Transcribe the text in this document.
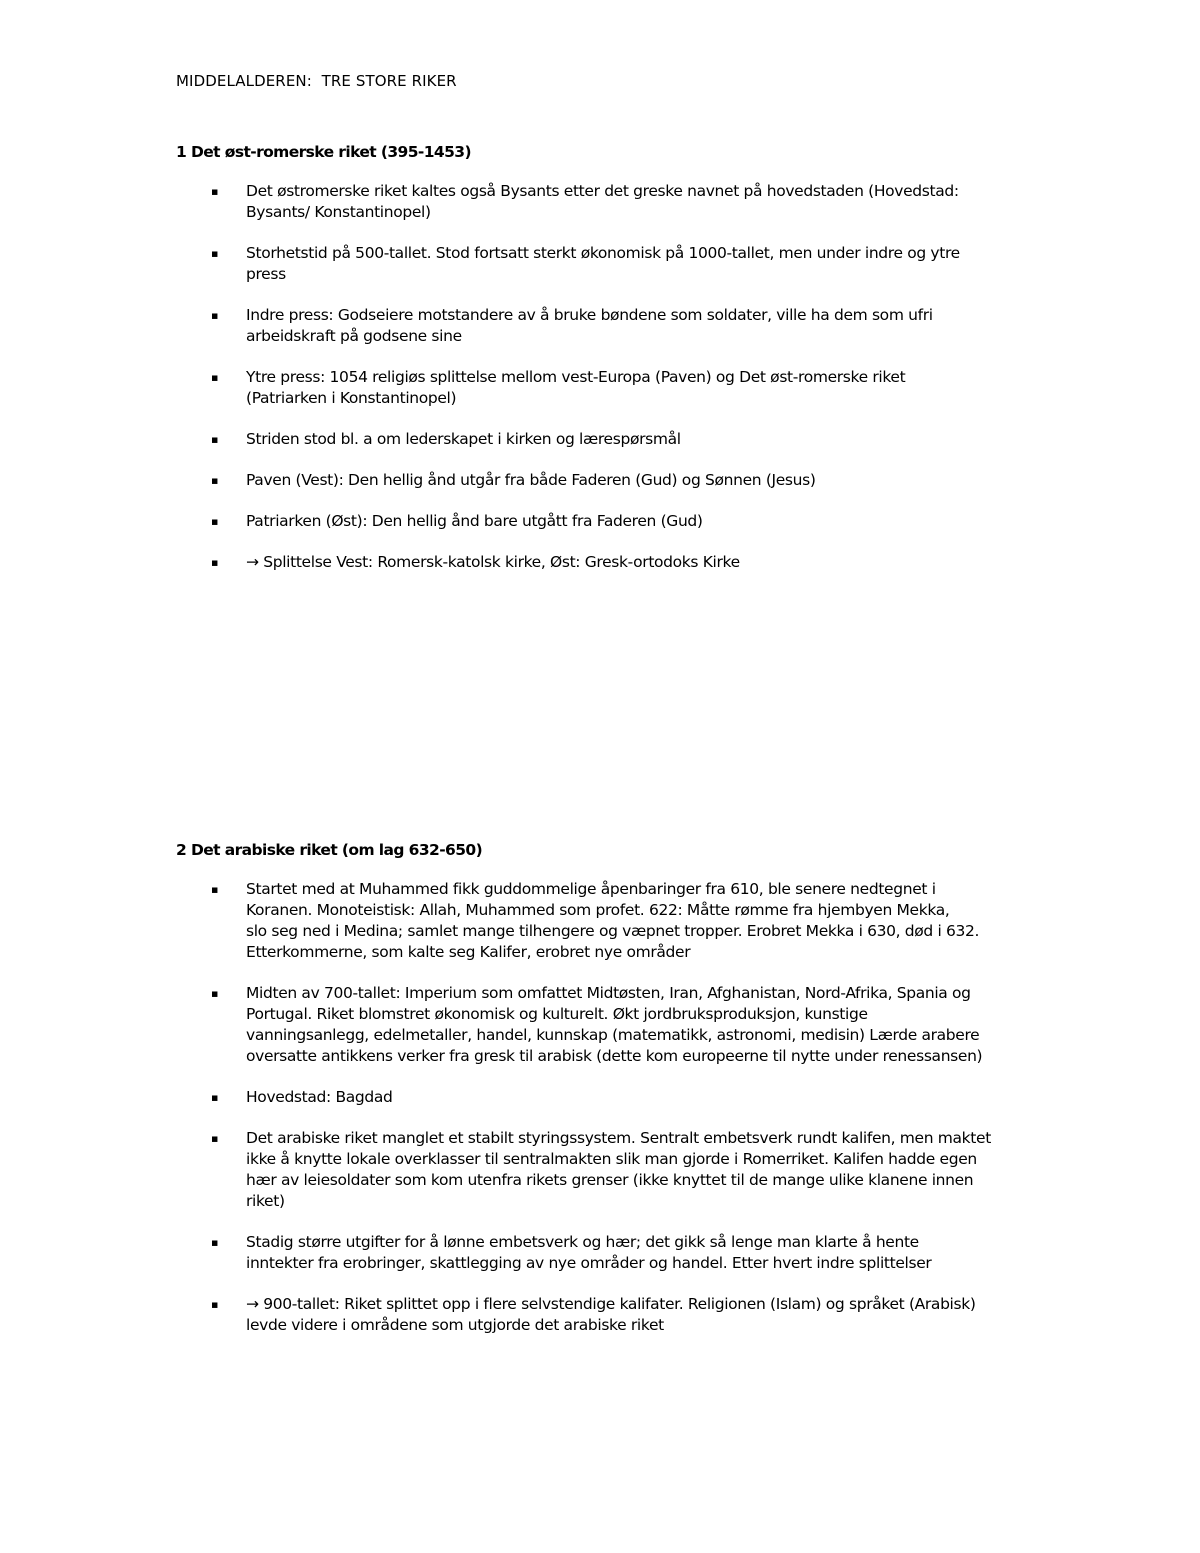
MIDDELALDEREN:  TRE STORE RIKER
1 Det øst-romerske riket (395-1453)
▪ Det østromerske riket kaltes også Bysants etter det greske navnet på hovedstaden (Hovedstad:
Bysants/ Konstantinopel)
▪ Storhetstid på 500-tallet. Stod fortsatt sterkt økonomisk på 1000-tallet, men under indre og ytre
press
▪ Indre press: Godseiere motstandere av å bruke bøndene som soldater, ville ha dem som ufri
arbeidskraft på godsene sine
▪ Ytre press: 1054 religiøs splittelse mellom vest-Europa (Paven) og Det øst-romerske riket
(Patriarken i Konstantinopel)
▪ Striden stod bl. a om lederskapet i kirken og lærespørsmål
▪ Paven (Vest): Den hellig ånd utgår fra både Faderen (Gud) og Sønnen (Jesus)
▪ Patriarken (Øst): Den hellig ånd bare utgått fra Faderen (Gud)
▪ → Splittelse Vest: Romersk-katolsk kirke, Øst: Gresk-ortodoks Kirke
2 Det arabiske riket (om lag 632-650)
▪ Startet med at Muhammed fikk guddommelige åpenbaringer fra 610, ble senere nedtegnet i
Koranen. Monoteistisk: Allah, Muhammed som profet. 622: Måtte rømme fra hjembyen Mekka,
slo seg ned i Medina; samlet mange tilhengere og væpnet tropper. Erobret Mekka i 630, død i 632.
Etterkommerne, som kalte seg Kalifer, erobret nye områder
▪ Midten av 700-tallet: Imperium som omfattet Midtøsten, Iran, Afghanistan, Nord-Afrika, Spania og
Portugal. Riket blomstret økonomisk og kulturelt. Økt jordbruksproduksjon, kunstige
vanningsanlegg, edelmetaller, handel, kunnskap (matematikk, astronomi, medisin) Lærde arabere
oversatte antikkens verker fra gresk til arabisk (dette kom europeerne til nytte under renessansen)
▪ Hovedstad: Bagdad
▪ Det arabiske riket manglet et stabilt styringssystem. Sentralt embetsverk rundt kalifen, men maktet
ikke å knytte lokale overklasser til sentralmakten slik man gjorde i Romerriket. Kalifen hadde egen
hær av leiesoldater som kom utenfra rikets grenser (ikke knyttet til de mange ulike klanene innen
riket)
▪ Stadig større utgifter for å lønne embetsverk og hær; det gikk så lenge man klarte å hente
inntekter fra erobringer, skattlegging av nye områder og handel. Etter hvert indre splittelser
▪ → 900-tallet: Riket splittet opp i flere selvstendige kalifater. Religionen (Islam) og språket (Arabisk)
levde videre i områdene som utgjorde det arabiske riket
